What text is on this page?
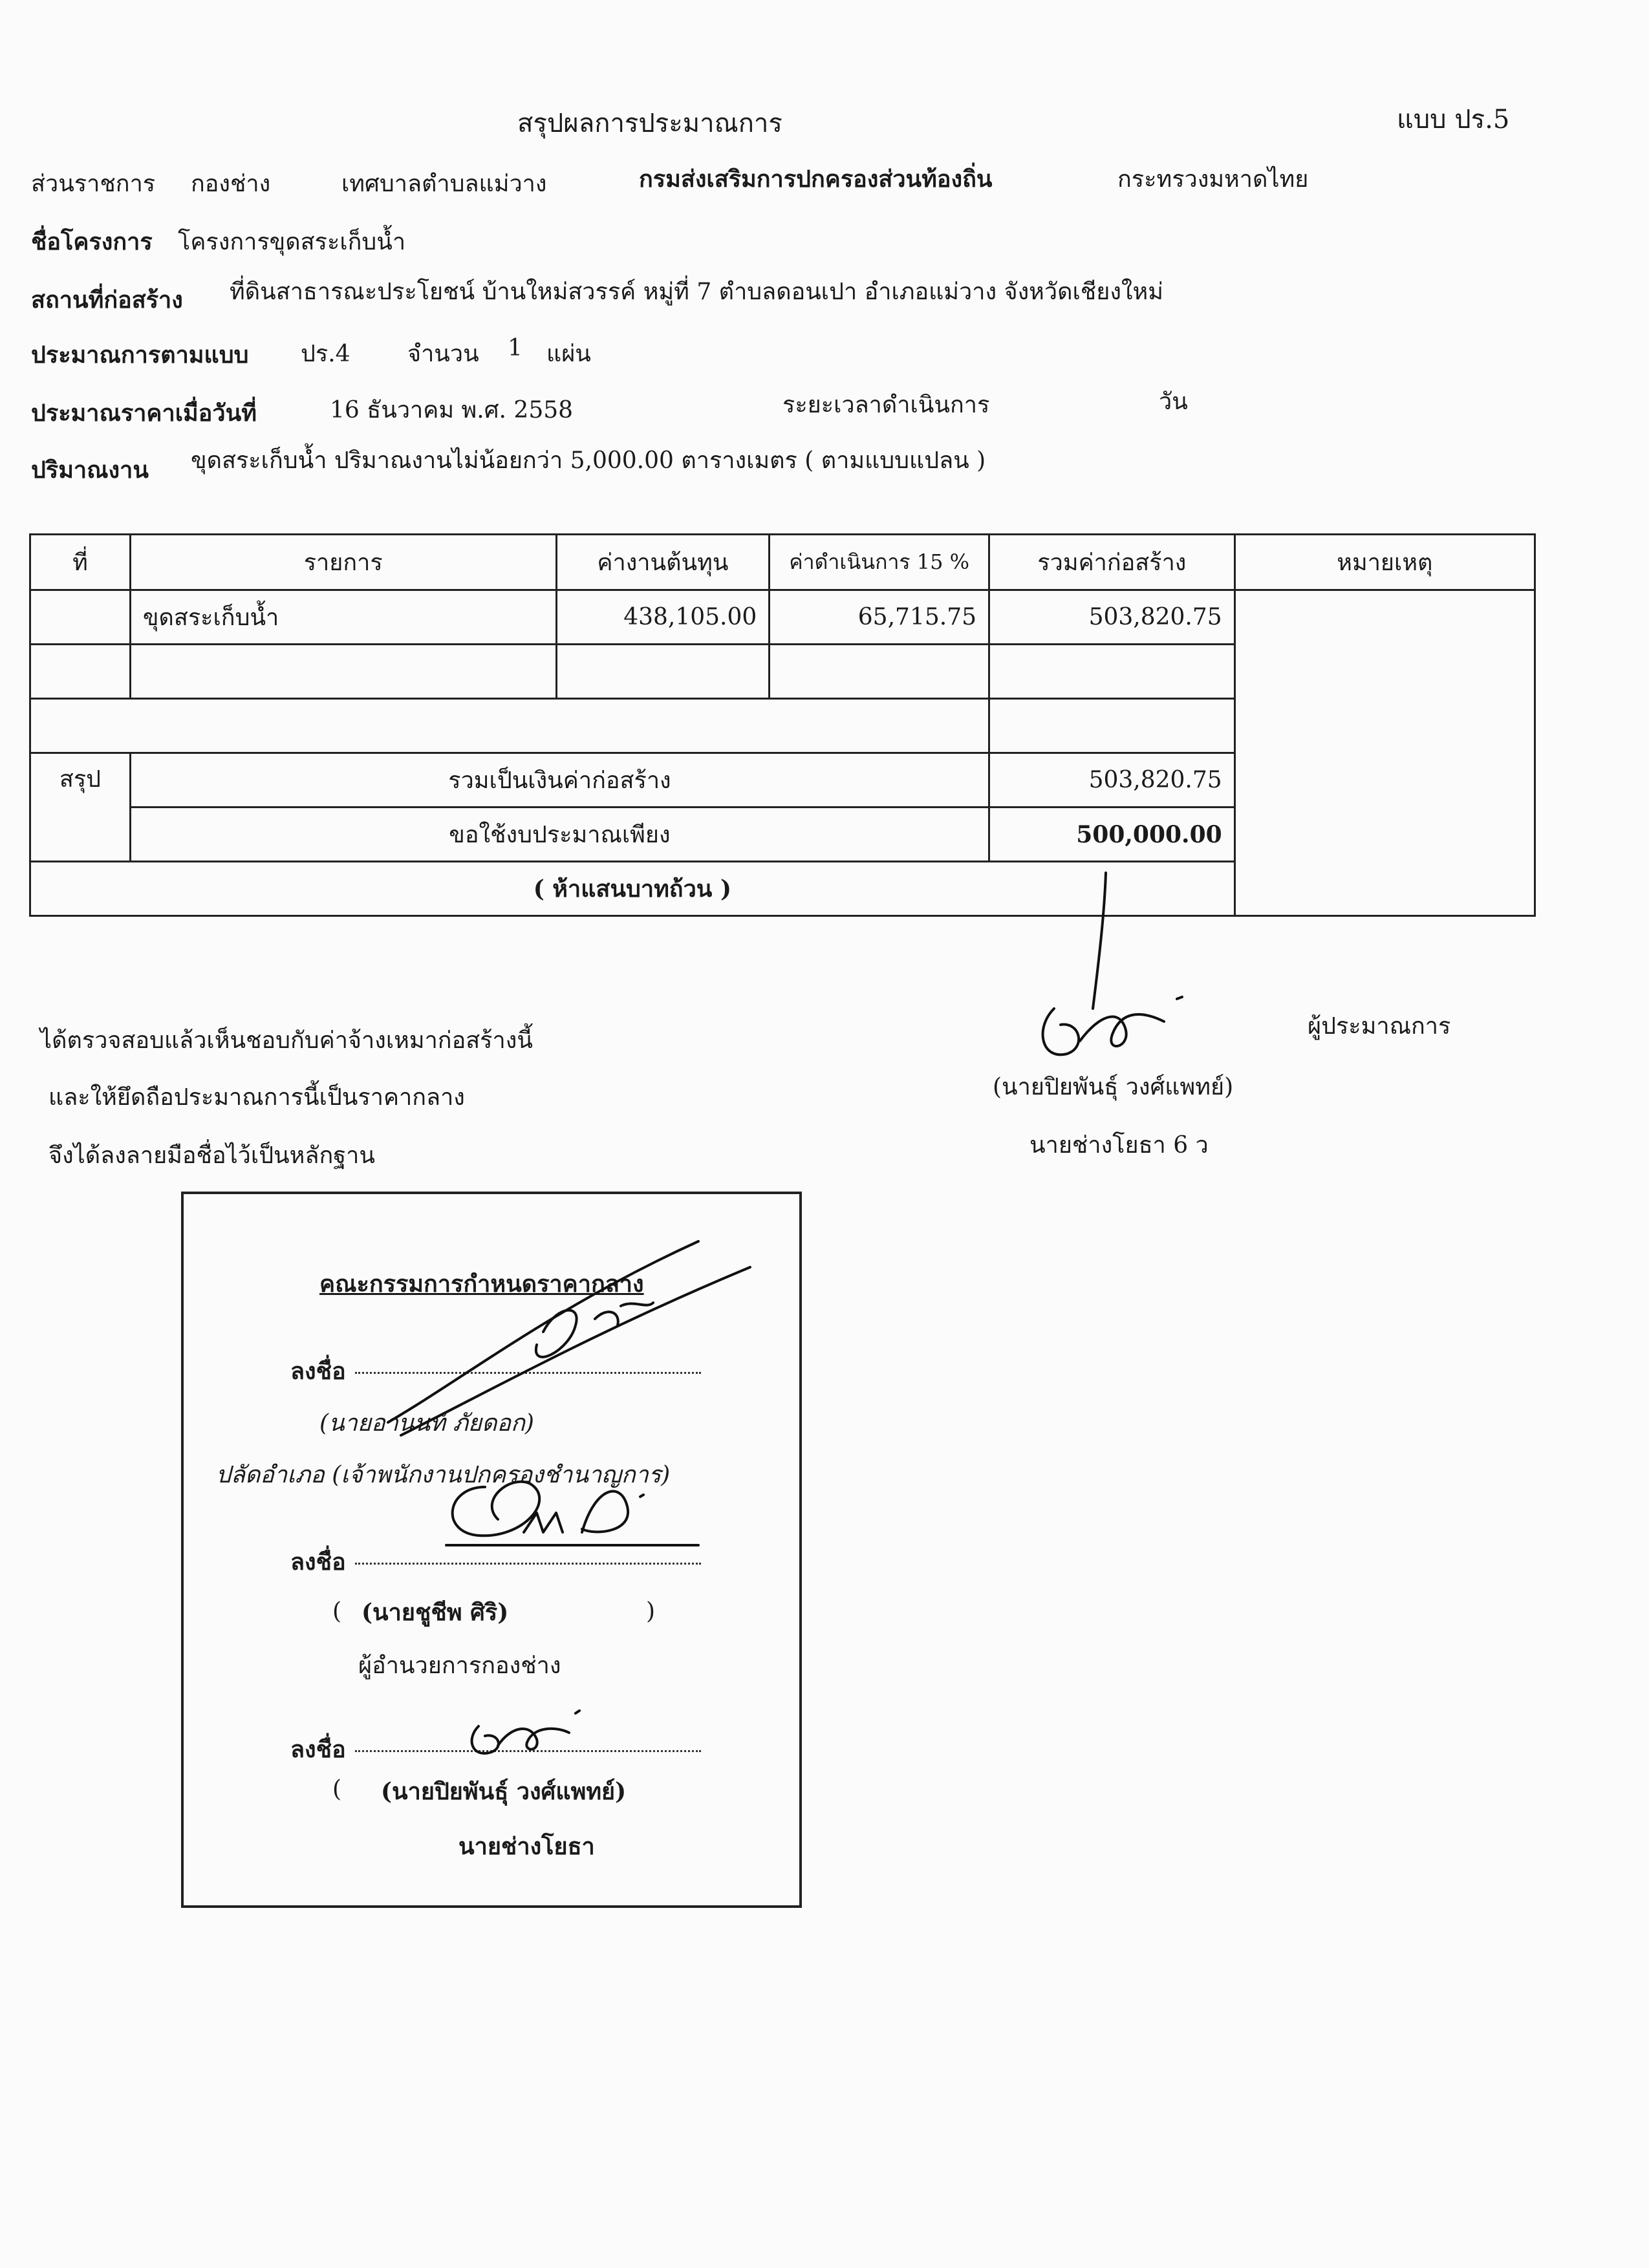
สรุปผลการประมาณการ	แบบ ปร.5
ส่วนราชการ กองช่าง	เทศบาลตำบลแม่วาง	กรมส่งเสริมการปกครองส่วนท้องถิ่น	กระทรวงมหาดไทย
ชื่อโครงการ โครงการขุดสระเก็บน้ำ
สถานที่ก่อสร้าง ที่ดินสาธารณะประโยชน์ บ้านใหม่สวรรค์ หมู่ที่ 7 ตำบลดอนเปา อำเภอแม่วาง จังหวัดเชียงใหม่
ประมาณการตามแบบ ปร.4 จำนวน 1 แผ่น
ประมาณราคาเมื่อวันที่	16 ธันวาคม พ.ศ. 2558	ระยะเวลาดำเนินการ	วัน
ปริมาณงาน ขุดสระเก็บน้ำ ปริมาณงานไม่น้อยกว่า 5,000.00 ตารางเมตร ( ตามแบบแปลน )
ที่	รายการ	ค่างานต้นทุน	ค่าดำเนินการ 15 %	รวมค่าก่อสร้าง	หมายเหตุ
	ขุดสระเก็บน้ำ	438,105.00	65,715.75	503,820.75	

สรุป	รวมเป็นเงินค่าก่อสร้าง			503,820.75	
	ขอใช้งบประมาณเพียง			500,000.00	
( ห้าแสนบาทถ้วน )					
ได้ตรวจสอบแล้วเห็นชอบกับค่าจ้างเหมาก่อสร้างนี้
และให้ยึดถือประมาณการนี้เป็นราคากลาง
จึงได้ลงลายมือชื่อไว้เป็นหลักฐาน
ผู้ประมาณการ
(นายปิยพันธุ์ วงศ์แพทย์)
นายช่างโยธา 6 ว
คณะกรรมการกำหนดราคากลาง
ลงชื่อ
(นายอานนท์ ภัยดอก)
ปลัดอำเภอ (เจ้าพนักงานปกครองชำนาญการ)
ลงชื่อ
( (นายชูชีพ ศิริ)	)
ผู้อำนวยการกองช่าง
ลงชื่อ
( (นายปิยพันธุ์ วงศ์แพทย์)
นายช่างโยธา
